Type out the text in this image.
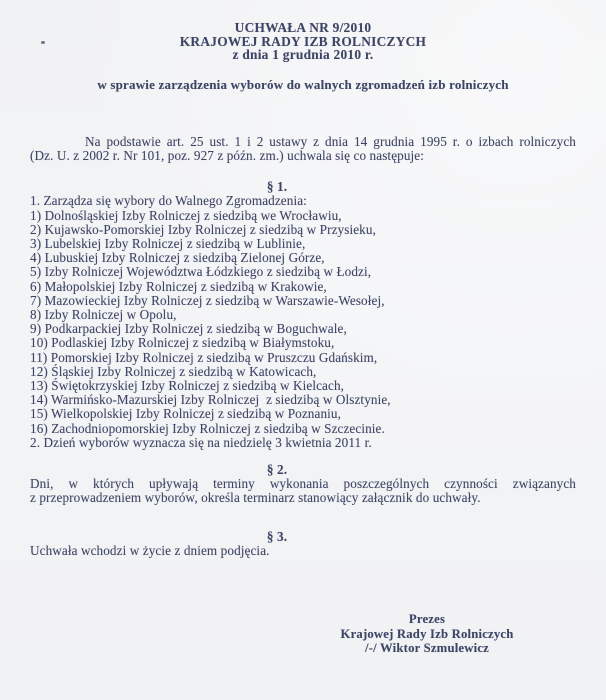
UCHWAŁA NR 9/2010
KRAJOWEJ RADY IZB ROLNICZYCH
z dnia 1 grudnia 2010 r.
w sprawie zarządzenia wyborów do walnych zgromadzeń izb rolniczych
Na podstawie art. 25 ust. 1 i 2 ustawy z dnia 14 grudnia 1995 r. o izbach rolniczych
(Dz. U. z 2002 r. Nr 101, poz. 927 z późn. zm.) uchwala się co następuje:
§ 1.
1. Zarządza się wybory do Walnego Zgromadzenia:
1) Dolnośląskiej Izby Rolniczej z siedzibą we Wrocławiu,
2) Kujawsko-Pomorskiej Izby Rolniczej z siedzibą w Przysieku,
3) Lubelskiej Izby Rolniczej z siedzibą w Lublinie,
4) Lubuskiej Izby Rolniczej z siedzibą Zielonej Górze,
5) Izby Rolniczej Województwa Łódzkiego z siedzibą w Łodzi,
6) Małopolskiej Izby Rolniczej z siedzibą w Krakowie,
7) Mazowieckiej Izby Rolniczej z siedzibą w Warszawie-Wesołej,
8) Izby Rolniczej w Opolu,
9) Podkarpackiej Izby Rolniczej z siedzibą w Boguchwale,
10) Podlaskiej Izby Rolniczej z siedzibą w Białymstoku,
11) Pomorskiej Izby Rolniczej z siedzibą w Pruszczu Gdańskim,
12) Śląskiej Izby Rolniczej z siedzibą w Katowicach,
13) Świętokrzyskiej Izby Rolniczej z siedzibą w Kielcach,
14) Warmińsko-Mazurskiej Izby Rolniczej  z siedzibą w Olsztynie,
15) Wielkopolskiej Izby Rolniczej z siedzibą w Poznaniu,
16) Zachodniopomorskiej Izby Rolniczej z siedzibą w Szczecinie.
2. Dzień wyborów wyznacza się na niedzielę 3 kwietnia 2011 r.
§ 2.
Dni, w których upływają terminy wykonania poszczególnych czynności związanych
z przeprowadzeniem wyborów, określa terminarz stanowiący załącznik do uchwały.
§ 3.
Uchwała wchodzi w życie z dniem podjęcia.
Prezes
Krajowej Rady Izb Rolniczych
/-/ Wiktor Szmulewicz
